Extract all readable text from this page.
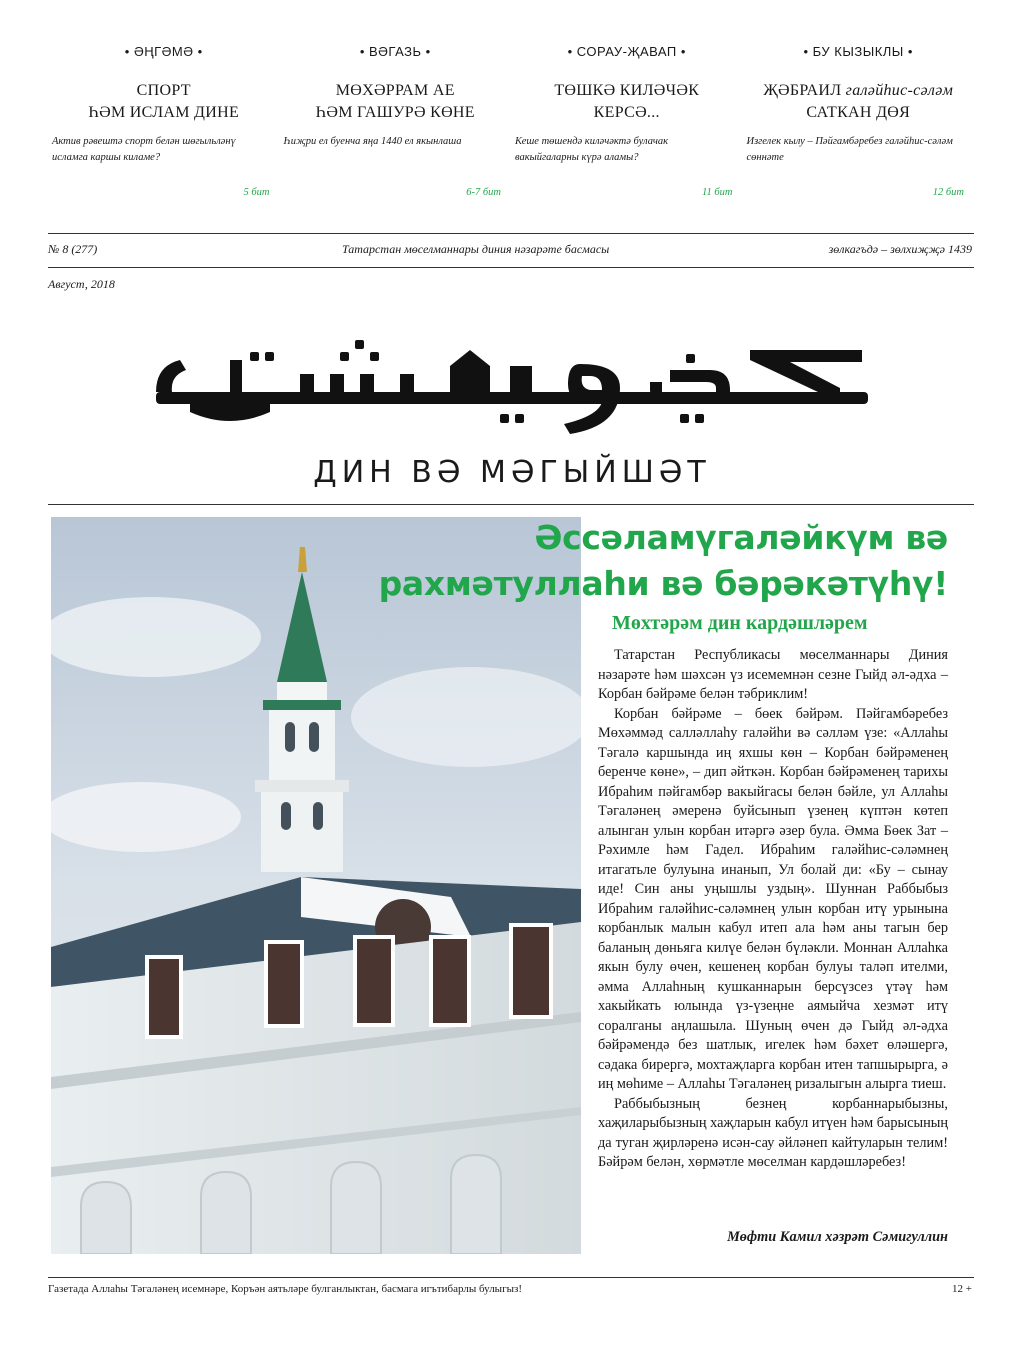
• ӘҢГӘМӘ •
СПОРТ
ҺӘМ ИСЛАМ ДИНЕ
Актив рәвештә спорт белән шөгыльләнү исламга каршы киламе?
5 бит
• ВӘГАЗЬ •
МӨХӘРРАМ АЕ
ҺӘМ ГАШУРӘ КӨНЕ
Һиҗри ел буенча яңа 1440 ел якынлаша
6-7 бит
• СОРАУ-ҖАВАП •
ТӨШКӘ КИЛӘЧӘК
КЕРСӘ...
Кеше төшендә киләчәктә булачак вакыйгаларны күрә аламы?
11 бит
• БУ КЫЗЫКЛЫ •
ҖӘБРАИЛ галәйһис-сәләм
САТКАН ДӨЯ
Изгелек кылу – Пәйгамбәребез галәйһис-сәләм сөннәте
12 бит
№ 8 (277)	Татарстан мөселманнары диния нәзарәте басмасы	зөлкагъдә – зөлхиҗҗә 1439
Август, 2018
ДИН ВӘ МӘГЫЙШӘТ
Әссәламүгаләйкүм вә
рахмәтуллаһи вә бәрәкәтүһү!
Мөхтәрәм дин кардәшләрем

Татарстан Республикасы мөселманнары Диния нәзарәте һәм шәхсән үз исемемнән сезне Гыйд әл-әдха – Корбан бәйрәме белән тәбриклим!

Корбан бәйрәме – бөек бәйрәм. Пәйгамбәребез Мөхәммәд салләллаһу галәйһи вә сәлләм үзе: «Аллаһы Тәгалә каршында иң яхшы көн – Корбан бәйрәменең беренче көне», – дип әйткән. Корбан бәйрәменең тарихы Ибраһим пәйгамбәр вакыйгасы белән бәйле, ул Аллаһы Тәгаләнең әмеренә буйсынып үзенең күптән көтеп алынган улын корбан итәргә әзер була. Әмма Бөек Зат – Рәхимле һәм Гадел. Ибраһим галәйһис-сәләмнең итагатьле булуына инанып, Ул болай ди: «Бу – сынау иде! Син аны уңышлы уздың». Шуннан Раббыбыз Ибраһим галәйһис-сәләмнең улын корбан итү урынына корбанлык малын кабул итеп ала һәм аны тагын бер баланың дөньяга килүе белән бүләкли. Моннан Аллаһка якын булу өчен, кешенең корбан булуы таләп ителми, әмма Аллаһның кушканнарын берсүзсез үтәү һәм хакыйкать юлында үз-үзеңне аямыйча хезмәт итү соралганы аңлашыла. Шуның өчен дә Гыйд әл-әдха бәйрәмендә без шатлык, игелек һәм бәхет өләшергә, сәдака бирергә, мохтаҗларга корбан итен тапшырырга, ә иң мөһиме – Аллаһы Тәгаләнең ризалыгын алырга тиеш.

Раббыбызның безнең корбаннарыбызны, хаҗиларыбызның хаҗларын кабул итүен һәм барысының да туган җирләренә исән-сау әйләнеп кайтуларын телим! Бәйрәм белән, хөрмәтле мөселман кардәшләребез!

Мөфти Камил хәзрәт Сәмигуллин
Газетада Аллаһы Тәгаләнең исемнәре, Коръән аятьләре булганлыктан, басмага игътибарлы булыгыз!	12 +
